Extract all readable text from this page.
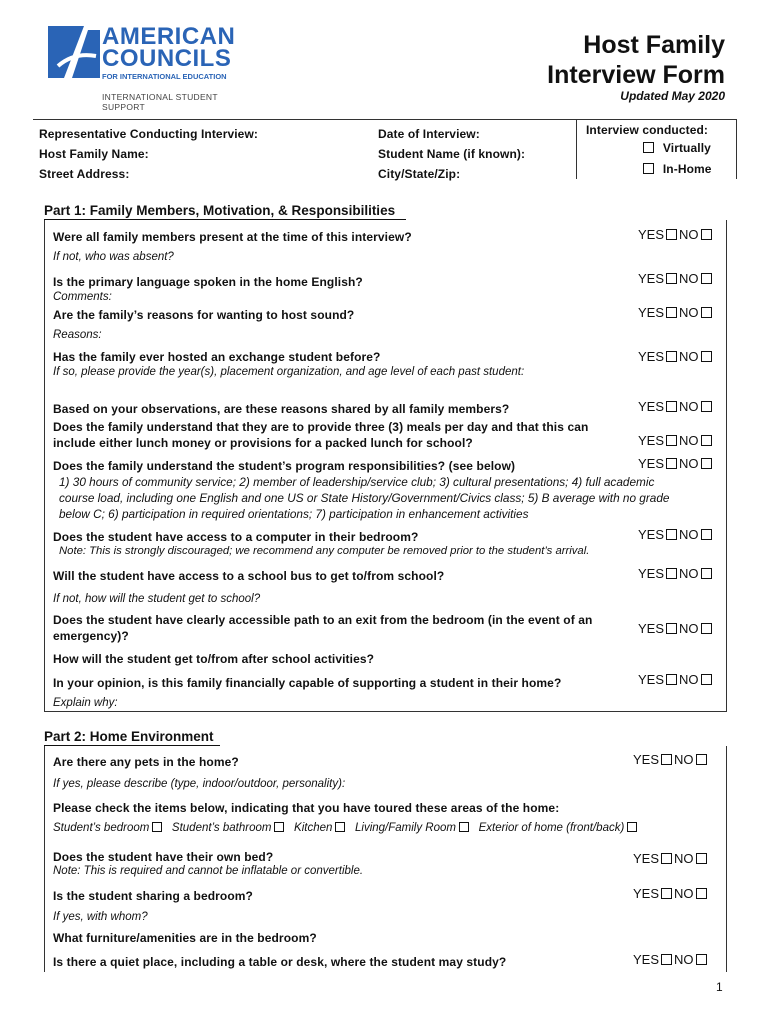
AMERICAN
COUNCILS
FOR INTERNATIONAL EDUCATION
INTERNATIONAL STUDENT
SUPPORT
Host Family
Interview Form
Updated May 2020
Representative Conducting Interview:
Host Family Name:
Street Address:
Date of Interview:
Student Name (if known):
City/State/Zip:
Interview conducted:
Virtually
In-Home
Part 1: Family Members, Motivation, & Responsibilities
Were all family members present at the time of this interview?	YES NO
If not, who was absent?
Is the primary language spoken in the home English?	YES NO
Comments:
Are the family’s reasons for wanting to host sound?	YES NO
Reasons:
Has the family ever hosted an exchange student before?	YES NO
If so, please provide the year(s), placement organization, and age level of each past student:
Based on your observations, are these reasons shared by all family members?	YES NO
Does the family understand that they are to provide three (3) meals per day and that this can
include either lunch money or provisions for a packed lunch for school?	YES NO
Does the family understand the student’s program responsibilities? (see below)	YES NO
1) 30 hours of community service; 2) member of leadership/service club; 3) cultural presentations; 4) full academic
course load, including one English and one US or State History/Government/Civics class; 5) B average with no grade
below C; 6) participation in required orientations; 7) participation in enhancement activities
Does the student have access to a computer in their bedroom?	YES NO
Note: This is strongly discouraged; we recommend any computer be removed prior to the student’s arrival.
Will the student have access to a school bus to get to/from school?	YES NO
If not, how will the student get to school?
Does the student have clearly accessible path to an exit from the bedroom (in the event of an
emergency)?	YES NO
How will the student get to/from after school activities?
In your opinion, is this family financially capable of supporting a student in their home?	YES NO
Explain why:
Part 2: Home Environment
Are there any pets in the home?	YES NO
If yes, please describe (type, indoor/outdoor, personality):
Please check the items below, indicating that you have toured these areas of the home:
Student’s bedroom Student’s bathroom Kitchen Living/Family Room Exterior of home (front/back)
Does the student have their own bed?	YES NO
Note: This is required and cannot be inflatable or convertible.
Is the student sharing a bedroom?	YES NO
If yes, with whom?
What furniture/amenities are in the bedroom?
Is there a quiet place, including a table or desk, where the student may study?	YES NO
1
